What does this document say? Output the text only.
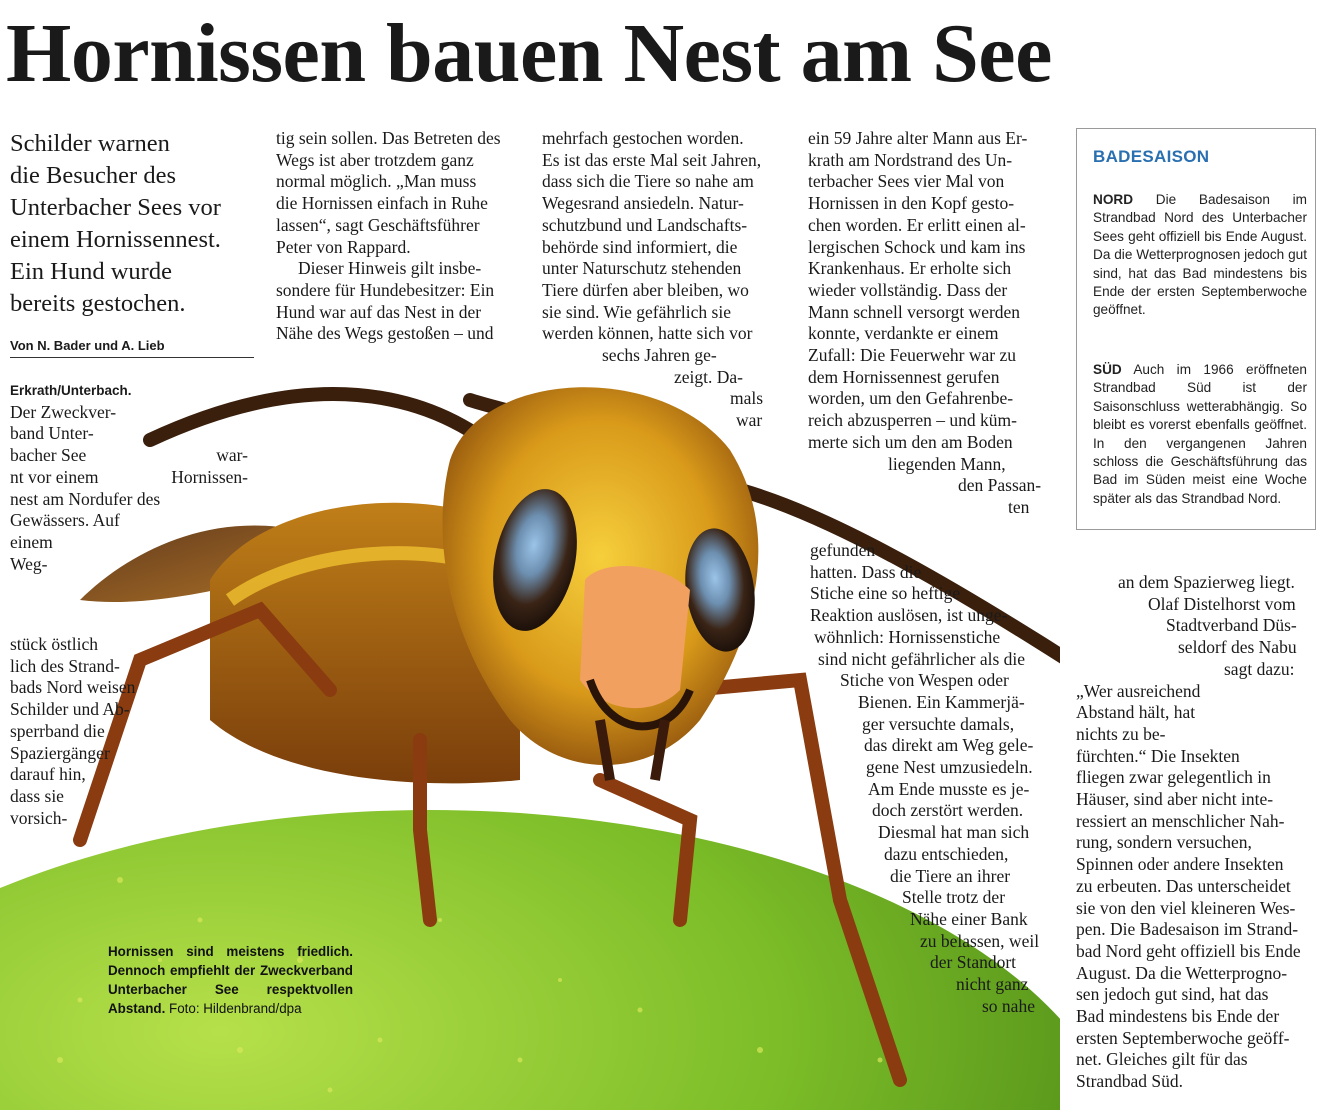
Hornissen bauen Nest am See
Schilder warnen
die Besucher des
Unterbacher Sees vor
einem Hornissennest.
Ein Hund wurde
bereits gestochen.
Von N. Bader und A. Lieb
Erkrath/Unterbach.
Der Zweckver-
band Unter-
bacher See	war-
nt vor einem	Hornissen-
nest am Nordufer des
Gewässers. Auf
einem
Weg-
stück östlich
lich des Strand-
bads Nord weisen
Schilder und Ab-
sperrband die
Spaziergänger
darauf hin,
dass sie
vorsich-
tig sein sollen. Das Betreten des
Wegs ist aber trotzdem ganz
normal möglich. „Man muss
die Hornissen einfach in Ruhe
lassen“, sagt Geschäftsführer
Peter von Rappard.
Dieser Hinweis gilt insbe-
sondere für Hundebesitzer: Ein
Hund war auf das Nest in der
Nähe des Wegs gestoßen – und
mehrfach gestochen worden.
Es ist das erste Mal seit Jahren,
dass sich die Tiere so nahe am
Wegesrand ansiedeln. Natur-
schutzbund und Landschafts-
behörde sind informiert, die
unter Naturschutz stehenden
Tiere dürfen aber bleiben, wo
sie sind. Wie gefährlich sie
werden können, hatte sich vor
sechs Jahren ge-
zeigt. Da-
mals
war
ein 59 Jahre alter Mann aus Er-
krath am Nordstrand des Un-
terbacher Sees vier Mal von
Hornissen in den Kopf gesto-
chen worden. Er erlitt einen al-
lergischen Schock und kam ins
Krankenhaus. Er erholte sich
wieder vollständig. Dass der
Mann schnell versorgt werden
konnte, verdankte er einem
Zufall: Die Feuerwehr war zu
dem Hornissennest gerufen
worden, um den Gefahrenbe-
reich abzusperren – und küm-
merte sich um den am Boden
liegenden Mann,
den Passan-
ten
gefunden
hatten. Dass die
Stiche eine so heftige
Reaktion auslösen, ist unge-
wöhnlich: Hornissenstiche
sind nicht gefährlicher als die
Stiche von Wespen oder
Bienen. Ein Kammerjä-
ger versuchte damals,
das direkt am Weg gele-
gene Nest umzusiedeln.
Am Ende musste es je-
doch zerstört werden.
Diesmal hat man sich
dazu entschieden,
die Tiere an ihrer
Stelle trotz der
Nähe einer Bank
zu belassen, weil
der Standort
nicht ganz
so nahe
an dem Spazierweg liegt.
Olaf Distelhorst vom
Stadtverband Düs-
seldorf des Nabu
sagt dazu:
„Wer ausreichend
Abstand hält, hat
nichts zu be-
fürchten.“ Die Insekten
fliegen zwar gelegentlich in
Häuser, sind aber nicht inte-
ressiert an menschlicher Nah-
rung, sondern versuchen,
Spinnen oder andere Insekten
zu erbeuten. Das unterscheidet
sie von den viel kleineren Wes-
pen. Die Badesaison im Strand-
bad Nord geht offiziell bis Ende
August. Da die Wetterprogno-
sen jedoch gut sind, hat das
Bad mindestens bis Ende der
ersten Septemberwoche geöff-
net. Gleiches gilt für das
Strandbad Süd.
Hornissen sind meistens friedlich. Dennoch empfiehlt der Zweckverband Unterbacher See respektvollen Abstand. Foto: Hildenbrand/dpa
BADESAISON

NORD Die Badesaison im Strandbad Nord des Unterbacher Sees geht offiziell bis Ende August. Da die Wetterprognosen jedoch gut sind, hat das Bad mindestens bis Ende der ersten Septemberwoche geöffnet.

SÜD Auch im 1966 eröffneten Strandbad Süd ist der Saisonschluss wetterabhängig. So bleibt es vorerst ebenfalls geöffnet. In den vergangenen Jahren schloss die Geschäftsführung das Bad im Süden meist eine Woche später als das Strandbad Nord.
